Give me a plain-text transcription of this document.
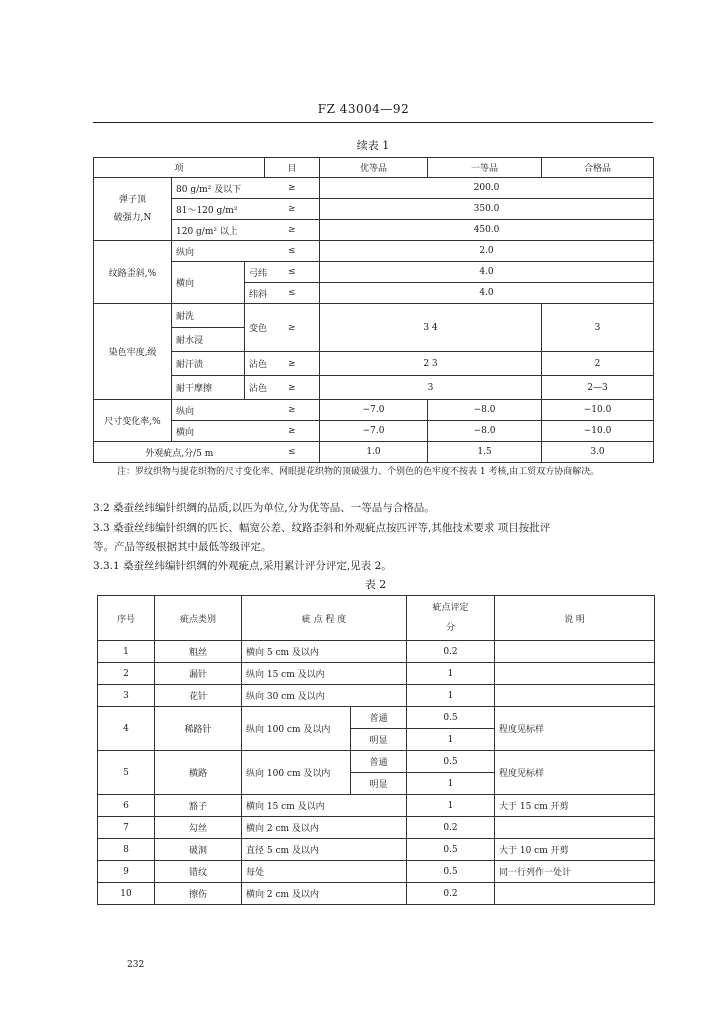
FZ 43004—92
续表 1
项			目	优等品	一等品	合格品

弹子顶
破强力,N	80 g/m² 及以下		≥	200.0		
	81～120 g/m²		≥	350.0		
	120 g/m² 以上		≥	450.0		
纹路歪斜,%	纵向		≤	2.0		
	横向	弓纬	≤	4.0		
		纬斜	≤	4.0		
染色牢度,级	耐洗	变色	≥	3 4		3
	耐水浸					
	耐汗渍	沾色	≥	2 3		2
	耐干摩擦	沾色	≥	3		2—3
尺寸变化率,%	纵向		≥	−7.0	−8.0	−10.0
	横向		≥	−7.0	−8.0	−10.0
外观疵点,分/5 m			≤	1.0	1.5	3.0
注：罗纹织物与提花织物的尺寸变化率、网眼提花织物的顶破强力、个别色的色牢度不按表 1 考核,由工贸双方协商解决。
3.2 桑蚕丝纬编针织绸的品质,以匹为单位,分为优等品、一等品与合格品。
3.3 桑蚕丝纬编针织绸的匹长、幅宽公差、纹路歪斜和外观疵点按匹评等,其他技术要求 项目按批评
等。产品等级根据其中最低等级评定。
3.3.1 桑蚕丝纬编针织绸的外观疵点,采用累计评分评定,见表 2。
表 2
序号	疵点类别	疵 点 程 度		疵点评定
分	说 明
1	粗丝	横向 5 cm 及以内		0.2	
2	漏针	纵向 15 cm 及以内		1	
3	花针	纵向 30 cm 及以内		1	
4	稀路针	纵向 100 cm 及以内	普通	0.5	程度见标样
			明显	1	
5	横路	纵向 100 cm 及以内	普通	0.5	程度见标样
			明显	1	
6	豁子	横向 15 cm 及以内		1	大于 15 cm 开剪
7	勾丝	横向 2 cm 及以内		0.2	
8	破洞	直径 5 cm 及以内		0.5	大于 10 cm 开剪
9	错纹	每处		0.5	同一行列作一处计
10	擦伤	横向 2 cm 及以内		0.2	
232
